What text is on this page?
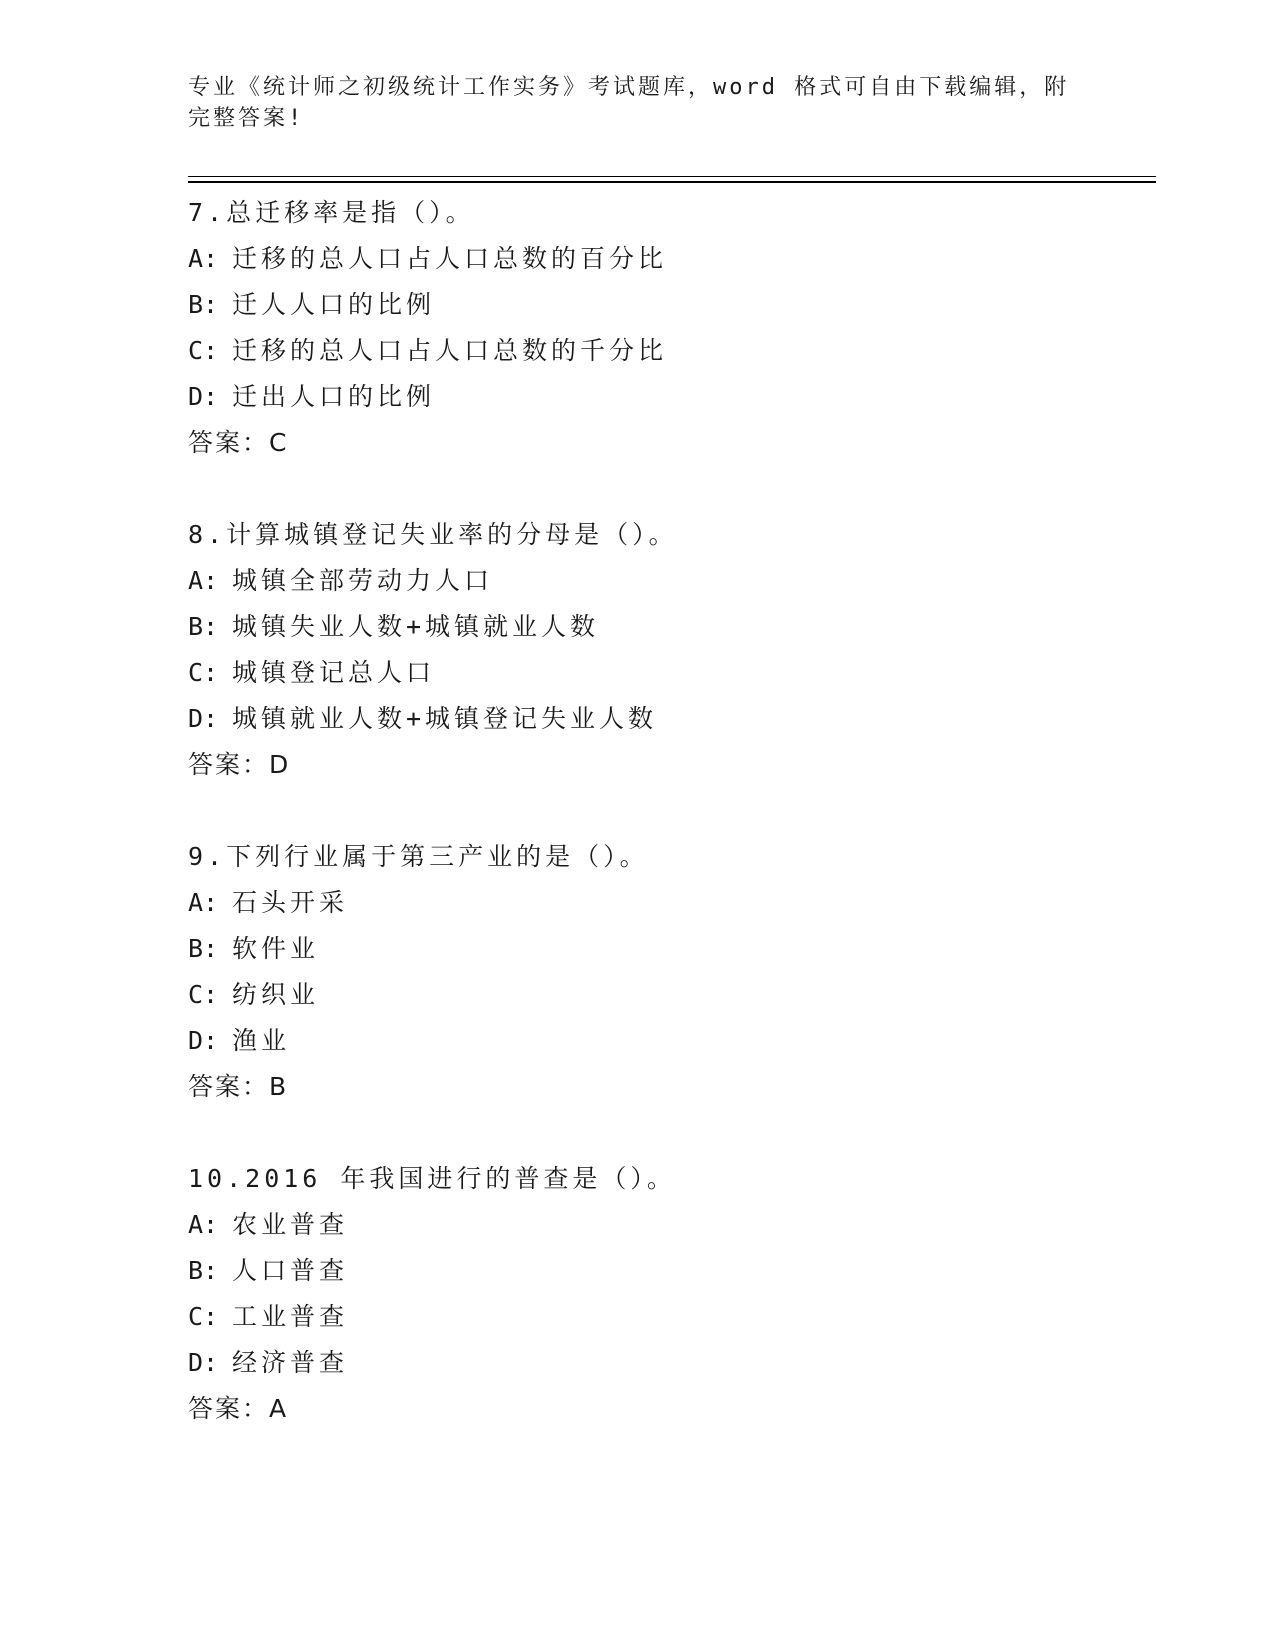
专业《统计师之初级统计工作实务》考试题库，word 格式可自由下载编辑，附完整答案!
7.总迁移率是指（）。
A: 迁移的总人口占人口总数的百分比
B: 迁人人口的比例
C: 迁移的总人口占人口总数的千分比
D: 迁出人口的比例
答案：C
8.计算城镇登记失业率的分母是（）。
A: 城镇全部劳动力人口
B: 城镇失业人数+城镇就业人数
C: 城镇登记总人口
D: 城镇就业人数+城镇登记失业人数
答案：D
9.下列行业属于第三产业的是（）。
A: 石头开采
B: 软件业
C: 纺织业
D: 渔业
答案：B
10.2016 年我国进行的普查是（）。
A: 农业普查
B: 人口普查
C: 工业普查
D: 经济普查
答案：A
